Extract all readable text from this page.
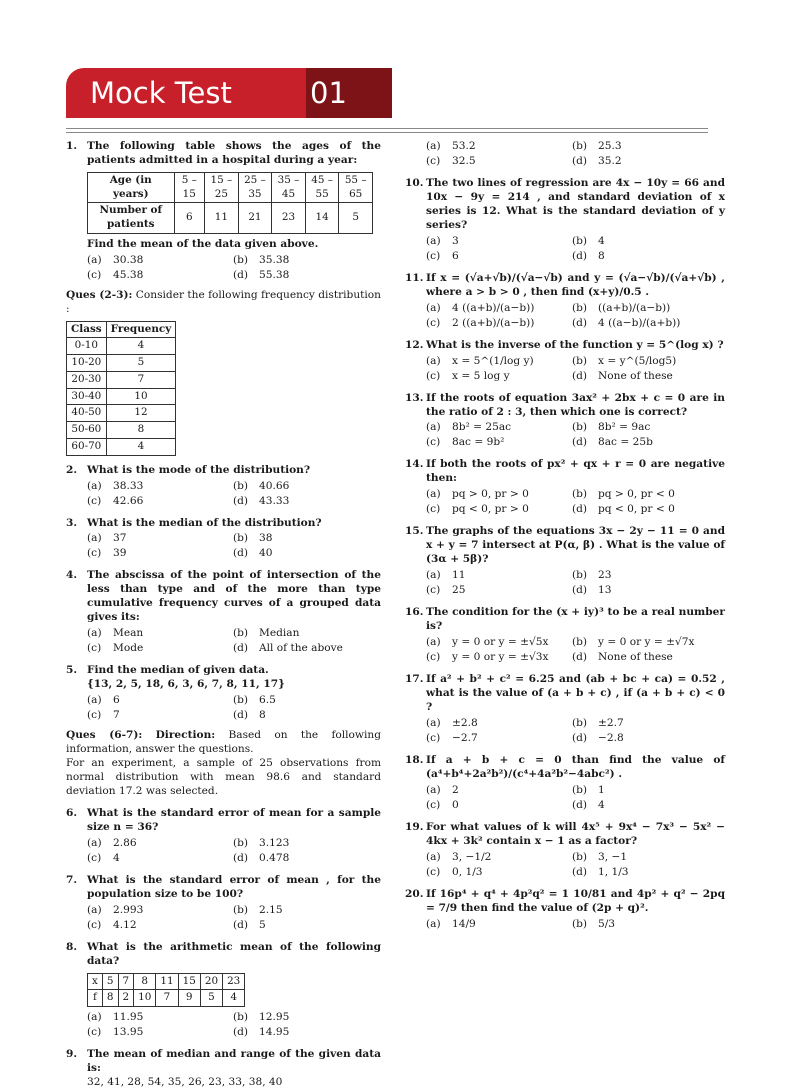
Mock Test	01
1. The following table shows the ages of the patients admitted in a hospital during a year:
Age (in years)	5 – 15	15 – 25	25 – 35	35 – 45	45 – 55	55 – 65
Number of patients	6	11	21	23	14	5
Find the mean of the data given above.
(a) 30.38	(b) 35.38
(c) 45.38	(d) 55.38
Ques (2-3): Consider the following frequency distribution :
Class	Frequency
0-10	4
10-20	5
20-30	7
30-40	10
40-50	12
50-60	8
60-70	4
2. What is the mode of the distribution?
(a) 38.33	(b) 40.66
(c) 42.66	(d) 43.33
3. What is the median of the distribution?
(a) 37	(b) 38
(c) 39	(d) 40
4. The abscissa of the point of intersection of the less than type and of the more than type cumulative frequency curves of a grouped data gives its:
(a) Mean	(b) Median
(c) Mode	(d) All of the above
5. Find the median of given data.
{13, 2, 5, 18, 6, 3, 6, 7, 8, 11, 17}
(a) 6	(b) 6.5
(c) 7	(d) 8
Ques (6-7): Direction: Based on the following information, answer the questions.
For an experiment, a sample of 25 observations from normal distribution with mean 98.6 and standard deviation 17.2 was selected.
6. What is the standard error of mean for a sample size n = 36?
(a) 2.86	(b) 3.123
(c) 4	(d) 0.478
7. What is the standard error of mean , for the population size to be 100?
(a) 2.993	(b) 2.15
(c) 4.12	(d) 5
8. What is the arithmetic mean of the following data?
x	5	7	8	11	15	20	23
f	8	2	10	7	9	5	4
(a) 11.95	(b) 12.95
(c) 13.95	(d) 14.95
9. The mean of median and range of the given data is:
32, 41, 28, 54, 35, 26, 23, 33, 38, 40
(a) 53.2	(b) 25.3
(c) 32.5	(d) 35.2
10. The two lines of regression are 4x − 10y = 66 and 10x − 9y = 214 , and standard deviation of x series is 12. What is the standard deviation of y series?
(a) 3	(b) 4
(c) 6	(d) 8
11. If x = (√a+√b)/(√a−√b) and y = (√a−√b)/(√a+√b) , where a > b > 0 , then find (x+y)/0.5 .
(a) 4 ((a+b)/(a−b))	(b) ((a+b)/(a−b))
(c) 2 ((a+b)/(a−b))	(d) 4 ((a−b)/(a+b))
12. What is the inverse of the function y = 5^(log x) ?
(a) x = 5^(1/log y)	(b) x = y^(5/log5)
(c) x = 5 log y	(d) None of these
13. If the roots of equation 3ax² + 2bx + c = 0 are in the ratio of 2 : 3, then which one is correct?
(a) 8b² = 25ac	(b) 8b² = 9ac
(c) 8ac = 9b²	(d) 8ac = 25b
14. If both the roots of px² + qx + r = 0 are negative then:
(a) pq > 0, pr > 0	(b) pq > 0, pr < 0
(c) pq < 0, pr > 0	(d) pq < 0, pr < 0
15. The graphs of the equations 3x − 2y − 11 = 0 and x + y = 7 intersect at P(α, β) . What is the value of (3α + 5β)?
(a) 11	(b) 23
(c) 25	(d) 13
16. The condition for the (x + iy)³ to be a real number is?
(a) y = 0 or y = ±√5x	(b) y = 0 or y = ±√7x
(c) y = 0 or y = ±√3x	(d) None of these
17. If a² + b² + c² = 6.25 and (ab + bc + ca) = 0.52 , what is the value of (a + b + c) , if (a + b + c) < 0 ?
(a) ±2.8	(b) ±2.7
(c) −2.7	(d) −2.8
18. If a + b + c = 0 than find the value of (a⁴+b⁴+2a²b²)/(c⁴+4a²b²−4abc²) .
(a) 2	(b) 1
(c) 0	(d) 4
19. For what values of k will 4x⁵ + 9x⁴ − 7x³ − 5x² − 4kx + 3k² contain x − 1 as a factor?
(a) 3, −1/2	(b) 3, −1
(c) 0, 1/3	(d) 1, 1/3
20. If 16p⁴ + q⁴ + 4p²q² = 1 10/81 and 4p² + q² − 2pq = 7/9 then find the value of (2p + q)².
(a) 14/9	(b) 5/3
